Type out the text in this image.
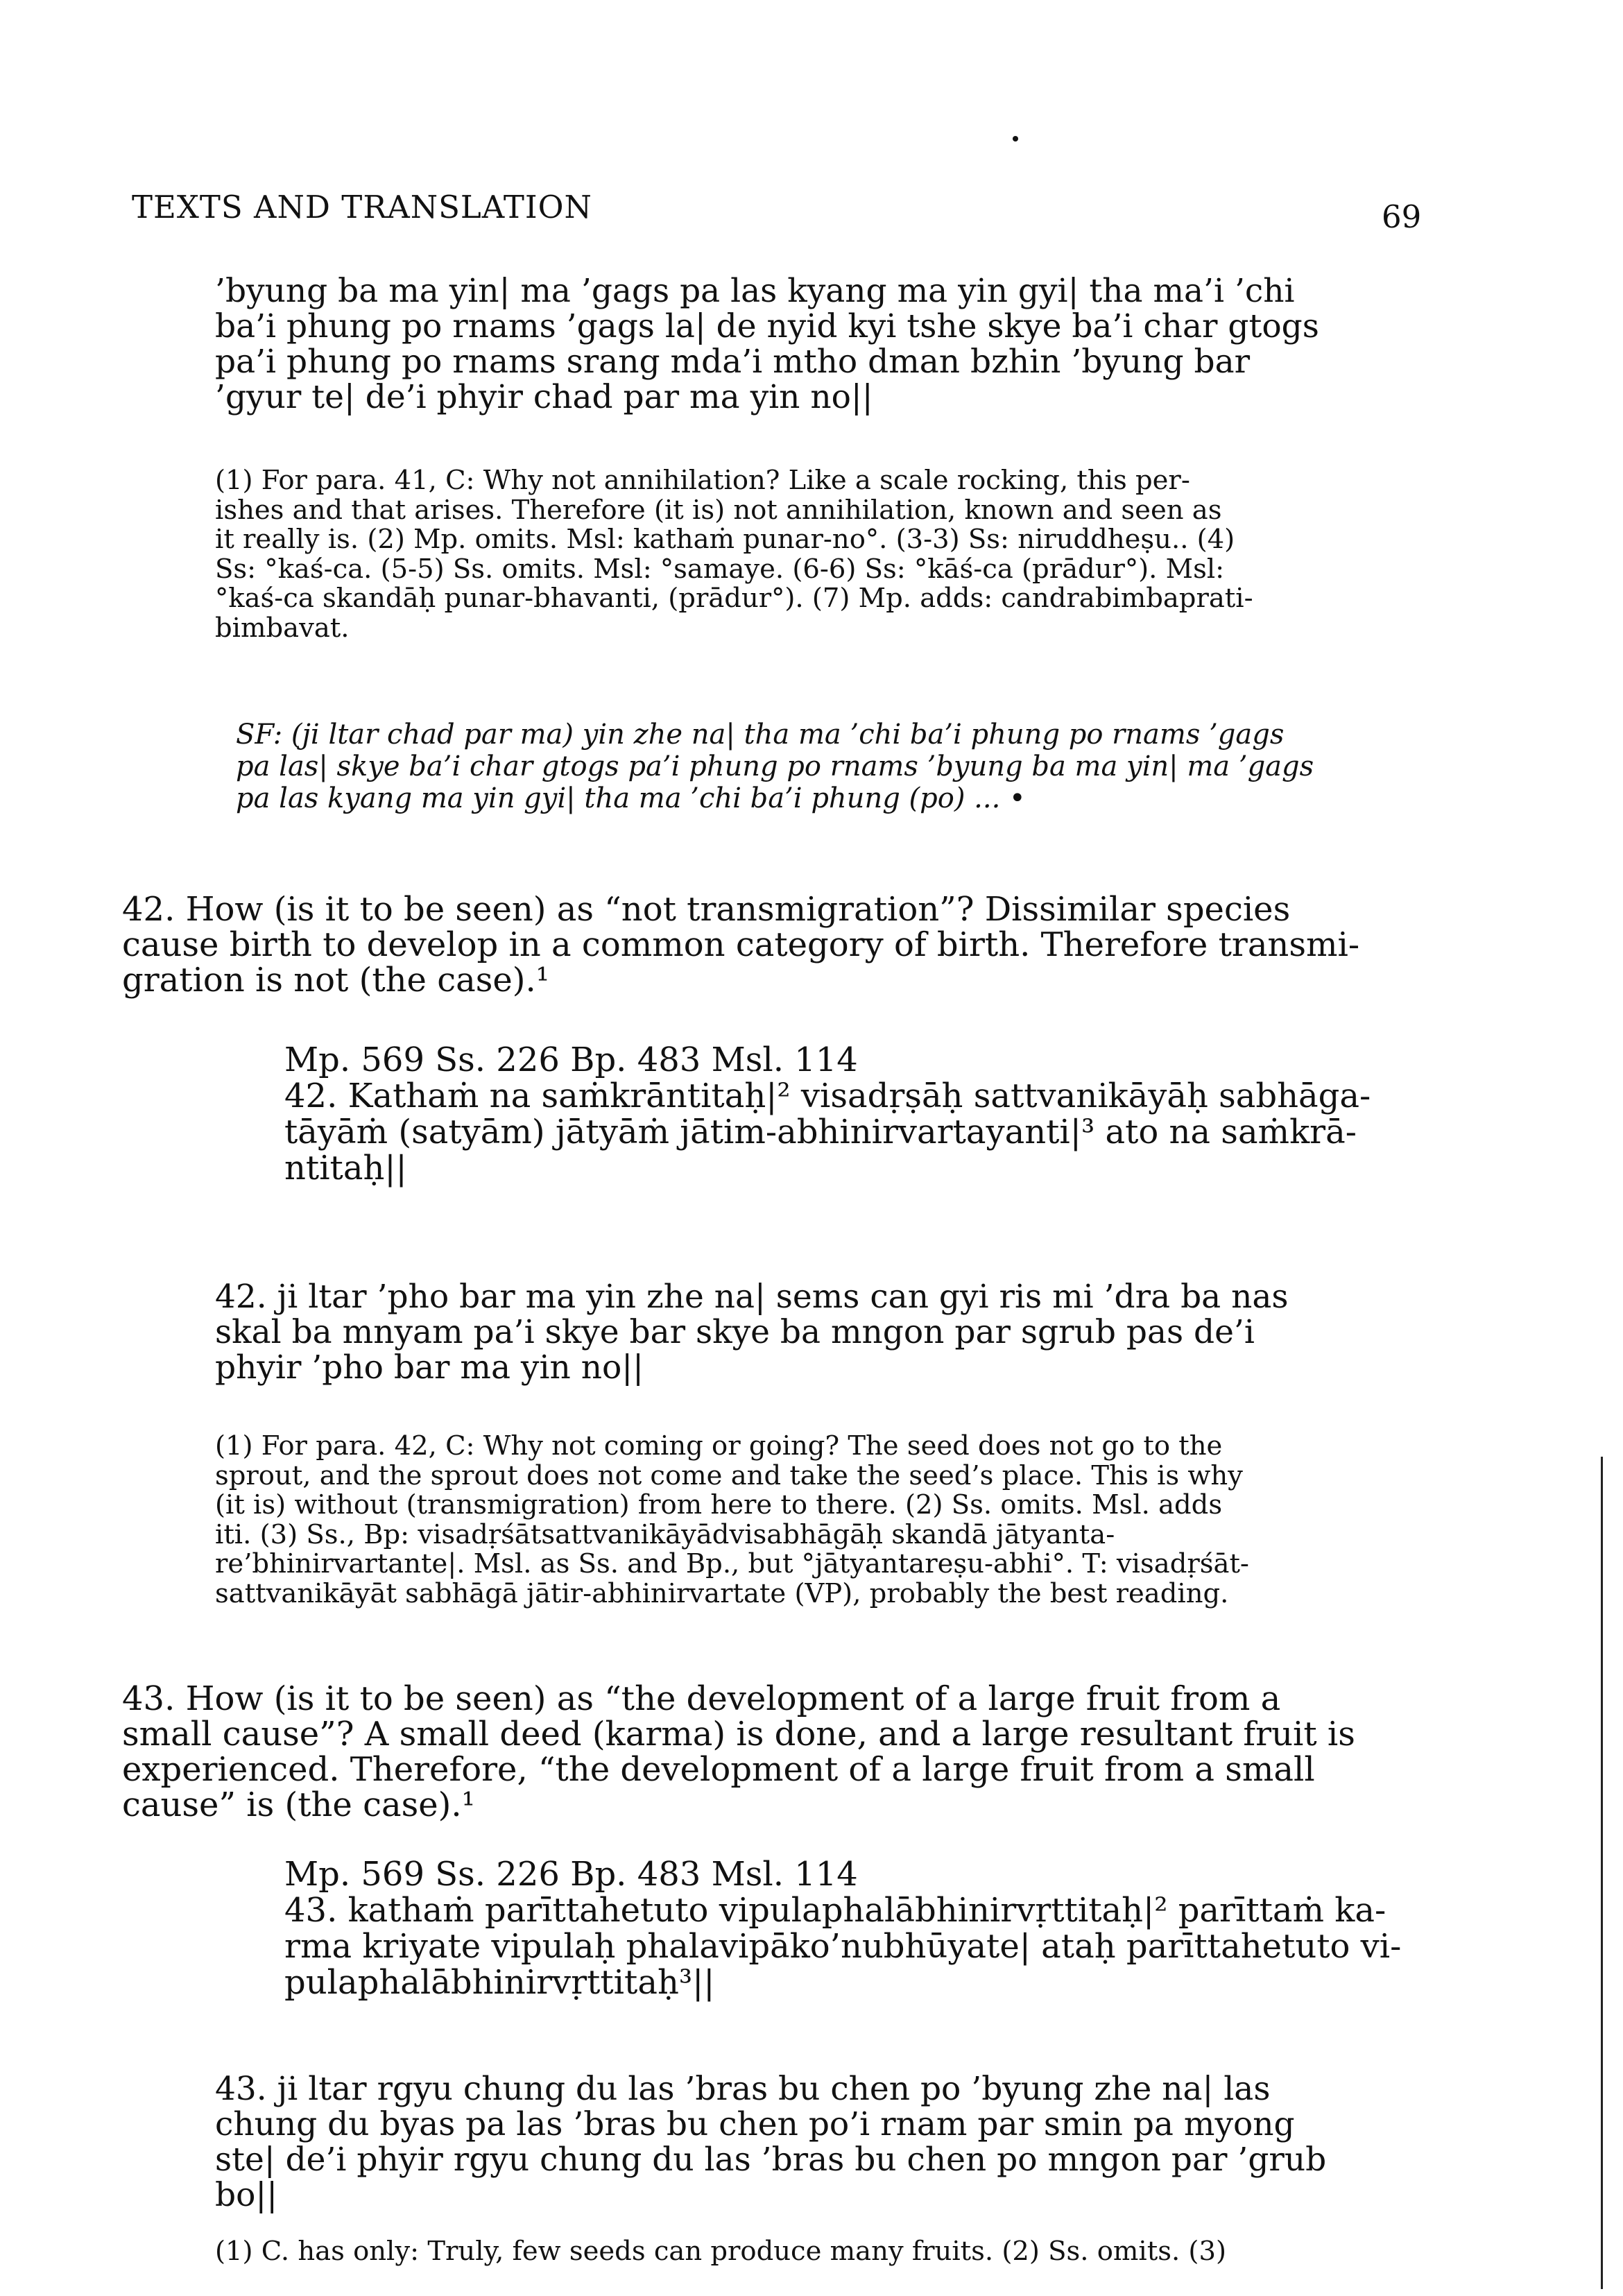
TEXTS AND TRANSLATION	69
’byung ba ma yin| ma ’gags pa las kyang ma yin gyi| tha ma’i ’chi
ba’i phung po rnams ’gags la| de nyid kyi tshe skye ba’i char gtogs
pa’i phung po rnams srang mda’i mtho dman bzhin ’byung bar
’gyur te| de’i phyir chad par ma yin no||
(1) For para. 41, C: Why not annihilation? Like a scale rocking, this per-
ishes and that arises. Therefore (it is) not annihilation, known and seen as
it really is. (2) Mp. omits. Msl: kathaṁ punar-no°. (3-3) Ss: niruddheṣu.. (4)
Ss: °kaś-ca. (5-5) Ss. omits. Msl: °samaye. (6-6) Ss: °kāś-ca (prādur°). Msl:
°kaś-ca skandāḥ punar-bhavanti, (prādur°). (7) Mp. adds: candrabimbaprati-
bimbavat.
SF: (ji ltar chad par ma) yin zhe na| tha ma ’chi ba’i phung po rnams ’gags
pa las| skye ba’i char gtogs pa’i phung po rnams ’byung ba ma yin| ma ’gags
pa las kyang ma yin gyi| tha ma ’chi ba’i phung (po) ... •
42. How (is it to be seen) as “not transmigration”? Dissimilar species
cause birth to develop in a common category of birth. Therefore transmi-
gration is not (the case).¹
Mp. 569 Ss. 226 Bp. 483 Msl. 114
42. Kathaṁ na saṁkrāntitaḥ|² visadṛṣāḥ sattvanikāyāḥ sabhāga-
tāyāṁ (satyām) jātyāṁ jātim-abhinirvartayanti|³ ato na saṁkrā-
ntitaḥ||
42. ji ltar ’pho bar ma yin zhe na| sems can gyi ris mi ’dra ba nas
skal ba mnyam pa’i skye bar skye ba mngon par sgrub pas de’i
phyir ’pho bar ma yin no||
(1) For para. 42, C: Why not coming or going? The seed does not go to the
sprout, and the sprout does not come and take the seed’s place. This is why
(it is) without (transmigration) from here to there. (2) Ss. omits. Msl. adds
iti. (3) Ss., Bp: visadṛśātsattvanikāyādvisabhāgāḥ skandā jātyanta-
re’bhinirvartante|. Msl. as Ss. and Bp., but °jātyantareṣu-abhi°. T: visadṛśāt-
sattvanikāyāt sabhāgā jātir-abhinirvartate (VP), probably the best reading.
43. How (is it to be seen) as “the development of a large fruit from a
small cause”? A small deed (karma) is done, and a large resultant fruit is
experienced. Therefore, “the development of a large fruit from a small
cause” is (the case).¹
Mp. 569 Ss. 226 Bp. 483 Msl. 114
43. kathaṁ parīttahetuto vipulaphalābhinirvṛttitaḥ|² parīttaṁ ka-
rma kriyate vipulaḥ phalavipāko’nubhūyate| ataḥ parīttahetuto vi-
pulaphalābhinirvṛttitaḥ³||
43. ji ltar rgyu chung du las ’bras bu chen po ’byung zhe na| las
chung du byas pa las ’bras bu chen po’i rnam par smin pa myong
ste| de’i phyir rgyu chung du las ’bras bu chen po mngon par ’grub
bo||
(1) C. has only: Truly, few seeds can produce many fruits. (2) Ss. omits. (3)
